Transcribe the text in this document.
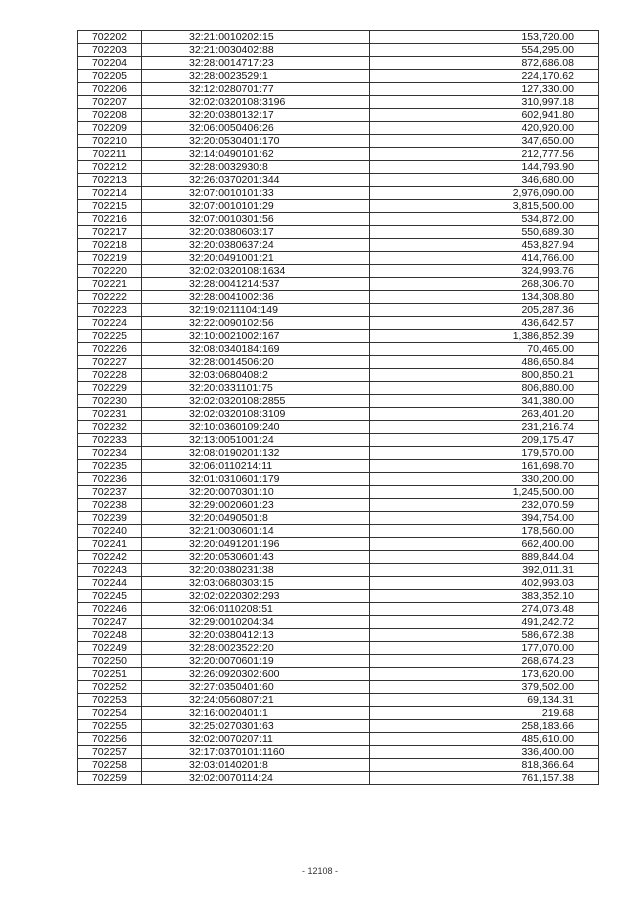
702202	32:21:0010202:15	153,720.00
702203	32:21:0030402:88	554,295.00
702204	32:28:0014717:23	872,686.08
702205	32:28:0023529:1	224,170.62
702206	32:12:0280701:77	127,330.00
702207	32:02:0320108:3196	310,997.18
702208	32:20:0380132:17	602,941.80
702209	32:06:0050406:26	420,920.00
702210	32:20:0530401:170	347,650.00
702211	32:14:0490101:62	212,777.56
702212	32:28:0032930:8	144,793.90
702213	32:26:0370201:344	346,680.00
702214	32:07:0010101:33	2,976,090.00
702215	32:07:0010101:29	3,815,500.00
702216	32:07:0010301:56	534,872.00
702217	32:20:0380603:17	550,689.30
702218	32:20:0380637:24	453,827.94
702219	32:20:0491001:21	414,766.00
702220	32:02:0320108:1634	324,993.76
702221	32:28:0041214:537	268,306.70
702222	32:28:0041002:36	134,308.80
702223	32:19:0211104:149	205,287.36
702224	32:22:0090102:56	436,642.57
702225	32:10:0021002:167	1,386,852.39
702226	32:08:0340184:169	70,465.00
702227	32:28:0014506:20	486,650.84
702228	32:03:0680408:2	800,850.21
702229	32:20:0331101:75	806,880.00
702230	32:02:0320108:2855	341,380.00
702231	32:02:0320108:3109	263,401.20
702232	32:10:0360109:240	231,216.74
702233	32:13:0051001:24	209,175.47
702234	32:08:0190201:132	179,570.00
702235	32:06:0110214:11	161,698.70
702236	32:01:0310601:179	330,200.00
702237	32:20:0070301:10	1,245,500.00
702238	32:29:0020601:23	232,070.59
702239	32:20:0490501:8	394,754.00
702240	32:21:0030601:14	178,560.00
702241	32:20:0491201:196	662,400.00
702242	32:20:0530601:43	889,844.04
702243	32:20:0380231:38	392,011.31
702244	32:03:0680303:15	402,993.03
702245	32:02:0220302:293	383,352.10
702246	32:06:0110208:51	274,073.48
702247	32:29:0010204:34	491,242.72
702248	32:20:0380412:13	586,672.38
702249	32:28:0023522:20	177,070.00
702250	32:20:0070601:19	268,674.23
702251	32:26:0920302:600	173,620.00
702252	32:27:0350401:60	379,502.00
702253	32:24:0560807:21	69,134.31
702254	32:16:0020401:1	219.68
702255	32:25:0270301:63	258,183.66
702256	32:02:0070207:11	485,610.00
702257	32:17:0370101:1160	336,400.00
702258	32:03:0140201:8	818,366.64
702259	32:02:0070114:24	761,157.38
- 12108 -
